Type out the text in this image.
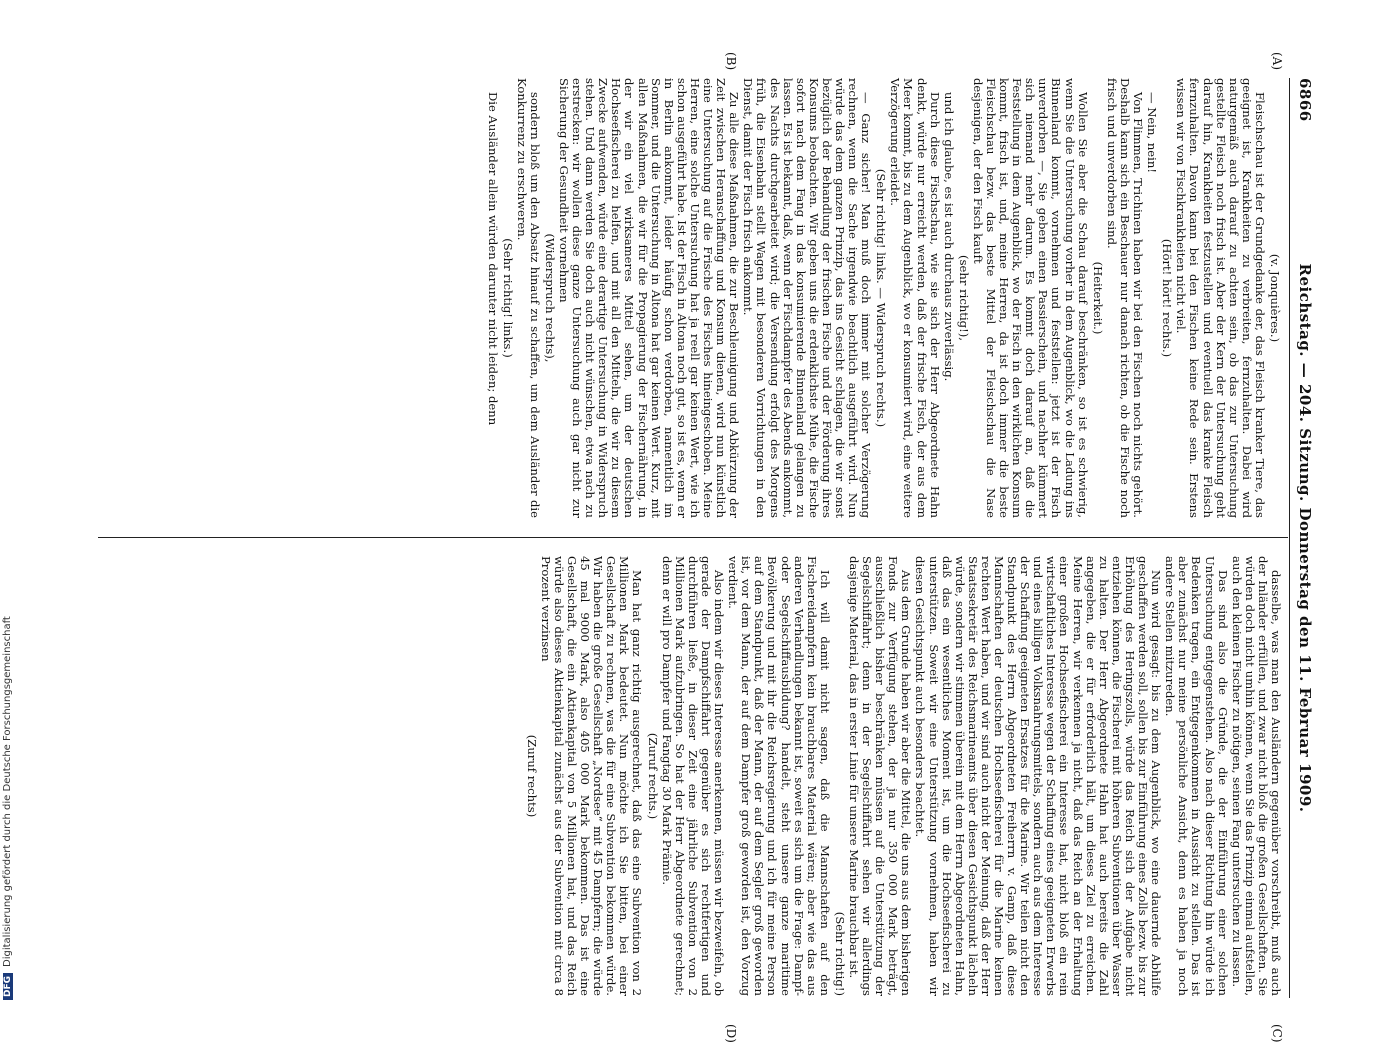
6866
Reichstag. — 204. Sitzung. Donnerstag den 11. Februar 1909.
(A)
(B)
(C)
(D)

(v. Jonquières.)

Fleischschau ist der Grundgedanke der, das Fleisch kranker Tiere, das geeignet ist, Krankheiten zu verbreiten, fernzuhalten. Dabei wird naturgemäß auch darauf zu achten sein, ob das zur Untersuchung gestellte Fleisch noch frisch ist. Aber der Kern der Untersuchung geht darauf hin, Krankheiten festzustellen und eventuell das kranke Fleisch fernzuhalten. Davon kann bei den Fischen keine Rede sein. Erstens wissen wir von Fischkrankheiten nicht viel.

(Hört! hört! rechts.)

— Nein, nein!

Von Flimmen, Trichinen haben wir bei den Fischen noch nichts gehört. Deshalb kann sich ein Beschauer nur danach richten, ob die Fische noch frisch und unverdorben sind.

(Heiterkeit.)

Wollen Sie aber die Schau darauf beschränken, so ist es schwierig, wenn Sie die Untersuchung vorher in dem Augenblick, wo die Ladung ins Binnenland kommt, vornehmen und feststellen: jetzt ist der Fisch unverdorben —, Sie geben einen Passierschein, und nachher kümmert sich niemand mehr darum. Es kommt doch darauf an, daß die Feststellung in dem Augenblick, wo der Fisch in den wirklichen Konsum kommt, frisch ist, und, meine Herren, da ist doch immer die beste Fleischschau bezw. das beste Mittel der Fleischschau die Nase desjenigen, der den Fisch kauft

(sehr richtig!),

und ich glaube, es ist auch durchaus zuverlässig.

Durch diese Fischschau, wie sie sich der Herr Abgeordnete Hahn denkt, würde nur erreicht werden, daß der frische Fisch, der aus dem Meer kommt, bis zu dem Augenblick, wo er konsumiert wird, eine weitere Verzögerung erleidet.

(Sehr richtig! links. — Widerspruch rechts.)

— Ganz sicher! Man muß doch immer mit solcher Verzögerung rechnen, wenn die Sache irgendwie beachtlich ausgeführt wird. Nun würde das dem ganzen Prinzip, das ins Gesicht schlagen, die wir sonst bezüglich der Behandlung der frischen Fische und der Förderung ihres Konsums beobachten. Wir geben uns die erdenklichste Mühe, die Fische sofort nach dem Fang in das konsumierende Binnenland gelangen zu lassen. Es ist bekannt, daß, wenn der Fischdampfer des Abends ankommt, des Nachts durchgearbeitet wird; die Versendung erfolgt des Morgens früh, die Eisenbahn stellt Wagen mit besonderen Vorrichtungen in den Dienst, damit der Fisch frisch ankommt.

Zu alle diese Maßnahmen, die zur Beschleunigung und Abkürzung der Zeit zwischen Heranschaffung und Konsum dienen, wird nun künstlich eine Untersuchung auf die Frische des Fisches hineingeschoben. Meine Herren, eine solche Untersuchung hat ja reell gar keinen Wert, wie ich schon ausgeführt habe. Ist der Fisch in Altona noch gut, so ist es, wenn er in Berlin ankommt, leider häufig schon verdorben, namentlich im Sommer, und die Untersuchung in Altona hat gar keinen Wert. Kurz, mit allen Maßnahmen, die wir für die Propagierung der Fischernährung, in der wir ein viel wirksameres Mittel sehen, um der deutschen Hochseefischerei zu helfen, und mit all den Mitteln, die wir zu diesem Zwecke aufwenden, würde eine derartige Untersuchung in Widerspruch stehen. Und dann werden Sie doch auch nicht wünschen, etwa nach zu erstrecken: wir wollen diese ganze Untersuchung auch gar nicht zur Sicherung der Gesundheit vornehmen

(Widerspruch rechts),

sondern bloß um den Absatz hinauf zu schaffen, um dem Ausländer die Konkurrenz zu erschweren.

(Sehr richtig! links.)

Die Ausländer allein würden darunter nicht leiden; denn

dasselbe, was man den Ausländern gegenüber vorschreibt, muß auch der Inländer erfüllen, und zwar nicht bloß die großen Gesellschaften. Sie würden doch nicht umhin können, wenn Sie das Prinzip einmal aufstellen, auch den kleinen Fischer zu nötigen, seinen Fang untersuchen zu lassen.

Das sind also die Gründe, die der Einführung einer solchen Untersuchung entgegenstehen. Also nach dieser Richtung hin würde ich Bedenken tragen, ein Entgegenkommen in Aussicht zu stellen. Das ist aber zunächst nur meine persönliche Ansicht, denn es haben ja noch andere Stellen mitzureden.

Nun wird gesagt: bis zu dem Augenblick, wo eine dauernde Abhilfe geschaffen werden soll, sollen bis zur Einführung eines Zolls bezw. bis zur Erhöhung des Heringszolls, würde das Reich sich der Aufgabe nicht entziehen können, die Fischerei mit höheren Subventionen über Wasser zu halten. Der Herr Abgeordnete Hahn hat auch bereits die Zahl angegeben, die er für erforderlich hält, um dieses Ziel zu erreichen. Meine Herren, wir verkennen ja nicht, daß das Reich an der Erhaltung einer großen Hochseefischerei ein Interesse hat, nicht bloß ein rein wirtschaftliches Interesse wegen der Schaffung eines geeigneten Erwerbs und eines billigen Volksnahrungsmittels, sondern auch aus dem Interesse der Schaffung geeigneten Ersatzes für die Marine. Wir teilen nicht den Standpunkt des Herrn Abgeordneten Freiherrn v. Gamp, daß diese Mannschaften der deutschen Hochseefischerei für die Marine keinen rechten Wert haben, und wir sind auch nicht der Meinung, daß der Herr Staatssekretär des Reichsmarineamts über diesen Gesichtspunkt lächeln würde, sondern wir stimmen überein mit dem Herrn Abgeordneten Hahn, daß das ein wesentliches Moment ist, um die Hochseefischerei zu unterstützen. Soweit wir eine Unterstützung vornehmen, haben wir diesen Gesichtspunkt auch besonders beachtet.

Aus dem Grunde haben wir aber die Mittel, die uns aus dem bisherigen Fonds zur Verfügung stehen, der ja nur 350 000 Mark beträgt, ausschließlich bisher beschränken müssen auf die Unterstützung der Segelschiffahrt; denn in der Segelschiffahrt sehen wir allerdings dasjenige Material, das in erster Linie für unsere Marine brauchbar ist.

(Sehr richtig!)

Ich will damit nicht sagen, daß die Mannschaften auf den Fischereidampfern kein brauchbares Material wären; aber wie das aus anderen Verhandlungen bekannt ist, soweit es sich um die Frage: Dampf- oder Segelschiffausbildung? handelt, steht unsere ganze maritime Bevölkerung und mit ihr die Reichsregierung und ich für meine Person auf dem Standpunkt, daß der Mann, der auf dem Segler groß geworden ist, vor dem Mann, der auf dem Dampfer groß geworden ist, den Vorzug verdient.

Also indem wir dieses Interesse anerkennen, müssen wir bezweifeln, ob gerade der Dampfschiffahrt gegenüber es sich rechtfertigen und durchführen ließe, in dieser Zeit eine jährliche Subvention von 2 Millionen Mark aufzubringen. So hat der Herr Abgeordnete gerechnet; denn er will pro Dampfer und Fangtag 30 Mark Prämie.

(Zuruf rechts.)

Man hat ganz richtig ausgerechnet, daß das eine Subvention von 2 Millionen Mark bedeutet. Nun möchte ich Sie bitten, bei einer Gesellschaft zu rechnen, was die für eine Subvention bekommen würde. Wir haben die große Gesellschaft „Nordsee“ mit 45 Dampfern; die würde 45 mal 9000 Mark, also 405 000 Mark bekommen. Das ist eine Gesellschaft, die ein Aktienkapital von 5 Millionen hat, und das Reich würde also dieses Aktienkapital zunächst aus der Subvention mit circa 8 Prozent verzinsen

(Zuruf rechts)

DFGDigitalisierung gefördert durch die Deutsche Forschungsgemeinschaft
